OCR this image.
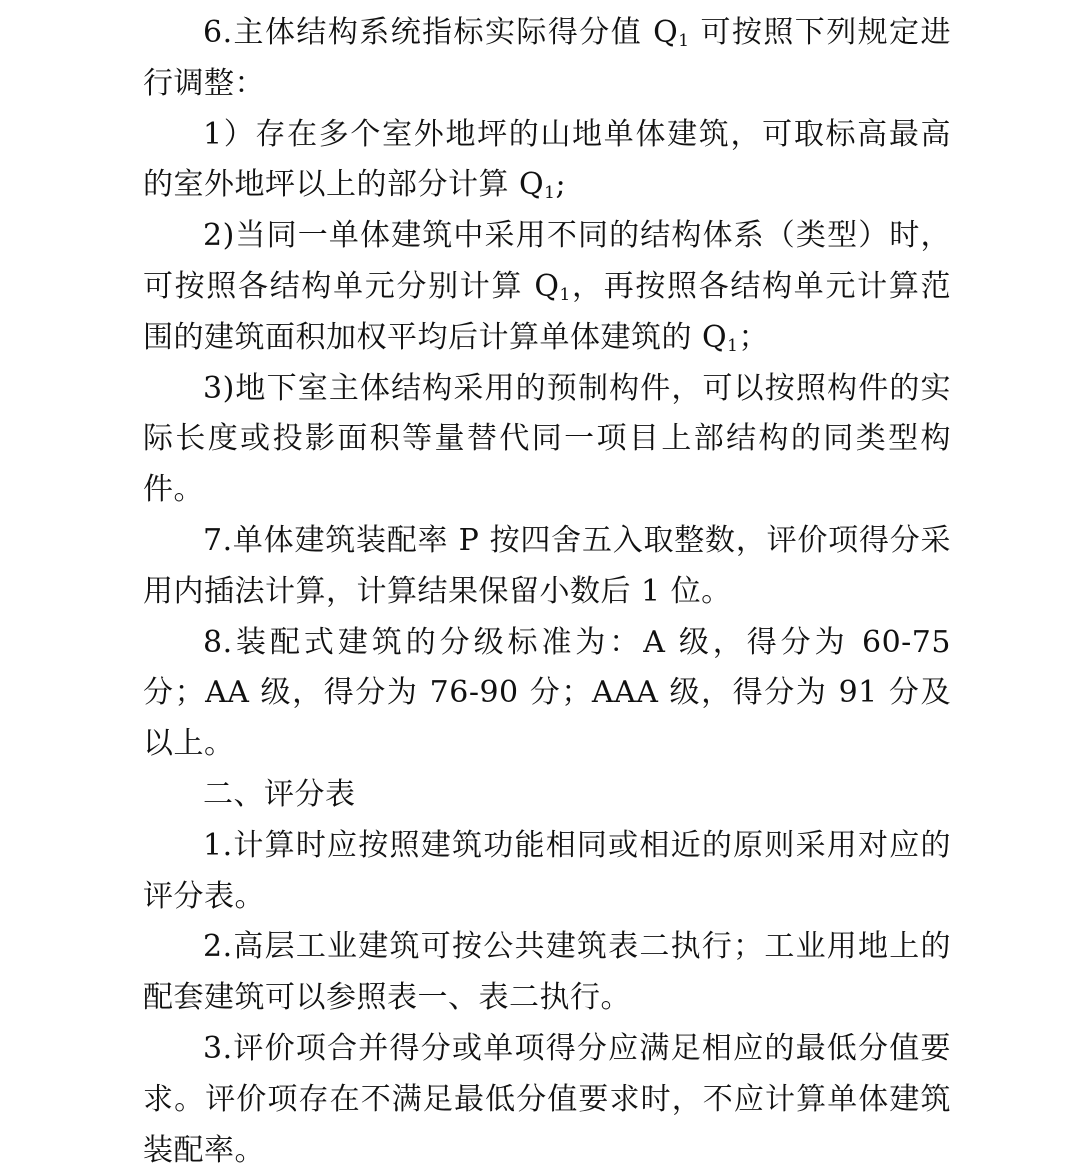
6.主体结构系统指标实际得分值 $Q_1$ 可按照下列规定进行调整：

1）存在多个室外地坪的山地单体建筑，可取标高最高的室外地坪以上的部分计算 $Q_1$;

2)当同一单体建筑中采用不同的结构体系（类型）时，可按照各结构单元分别计算 $Q_1$，再按照各结构单元计算范围的建筑面积加权平均后计算单体建筑的 $Q_1$；

3)地下室主体结构采用的预制构件，可以按照构件的实际长度或投影面积等量替代同一项目上部结构的同类型构件。

7.单体建筑装配率 P 按四舍五入取整数，评价项得分采用内插法计算，计算结果保留小数后 1 位。

8.装配式建筑的分级标准为：A 级，得分为 60-75 分；AA 级，得分为 76-90 分；AAA 级，得分为 91 分及以上。

二、评分表

1.计算时应按照建筑功能相同或相近的原则采用对应的评分表。

2.高层工业建筑可按公共建筑表二执行；工业用地上的配套建筑可以参照表一、表二执行。

3.评价项合并得分或单项得分应满足相应的最低分值要求。评价项存在不满足最低分值要求时，不应计算单体建筑装配率。
